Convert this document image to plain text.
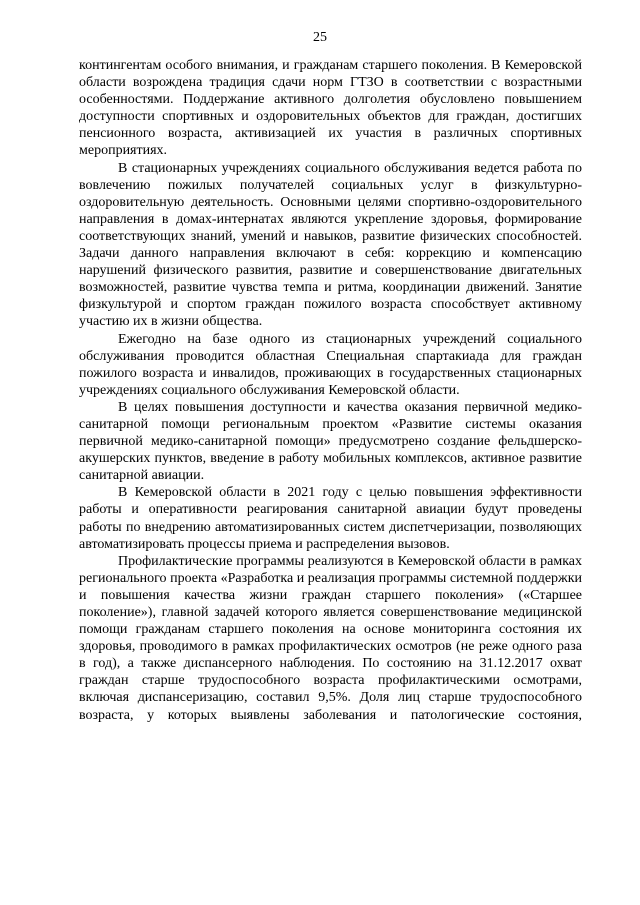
25

контингентам особого внимания, и гражданам старшего поколения. В Кемеровской области возрождена традиция сдачи норм ГТЗО в соответствии с возрастными особенностями. Поддержание активного долголетия обусловлено повышением доступности спортивных и оздоровительных объектов для граждан, достигших пенсионного возраста, активизацией их участия в различных спортивных мероприятиях.

В стационарных учреждениях социального обслуживания ведется работа по вовлечению пожилых получателей социальных услуг в физкультурно-оздоровительную деятельность. Основными целями спортивно-оздоровительного направления в домах-интернатах являются укрепление здоровья, формирование соответствующих знаний, умений и навыков, развитие физических способностей. Задачи данного направления включают в себя: коррекцию и компенсацию нарушений физического развития, развитие и совершенствование двигательных возможностей, развитие чувства темпа и ритма, координации движений. Занятие физкультурой и спортом граждан пожилого возраста способствует активному участию их в жизни общества.

Ежегодно на базе одного из стационарных учреждений социального обслуживания проводится областная Специальная спартакиада для граждан пожилого возраста и инвалидов, проживающих в государственных стационарных учреждениях социального обслуживания Кемеровской области.

В целях повышения доступности и качества оказания первичной медико-санитарной помощи региональным проектом «Развитие системы оказания первичной медико-санитарной помощи» предусмотрено создание фельдшерско-акушерских пунктов, введение в работу мобильных комплексов, активное развитие санитарной авиации.

В Кемеровской области в 2021 году с целью повышения эффективности работы и оперативности реагирования санитарной авиации будут проведены работы по внедрению автоматизированных систем диспетчеризации, позволяющих автоматизировать процессы приема и распределения вызовов.

Профилактические программы реализуются в Кемеровской области в рамках регионального проекта «Разработка и реализация программы системной поддержки и повышения качества жизни граждан старшего поколения» («Старшее поколение»), главной задачей которого является совершенствование медицинской помощи гражданам старшего поколения на основе мониторинга состояния их здоровья, проводимого в рамках профилактических осмотров (не реже одного раза в год), а также диспансерного наблюдения. По состоянию на 31.12.2017 охват граждан старше трудоспособного возраста профилактическими осмотрами, включая диспансеризацию, составил 9,5%. Доля лиц старше трудоспособного возраста, у которых выявлены заболевания и патологические состояния,
